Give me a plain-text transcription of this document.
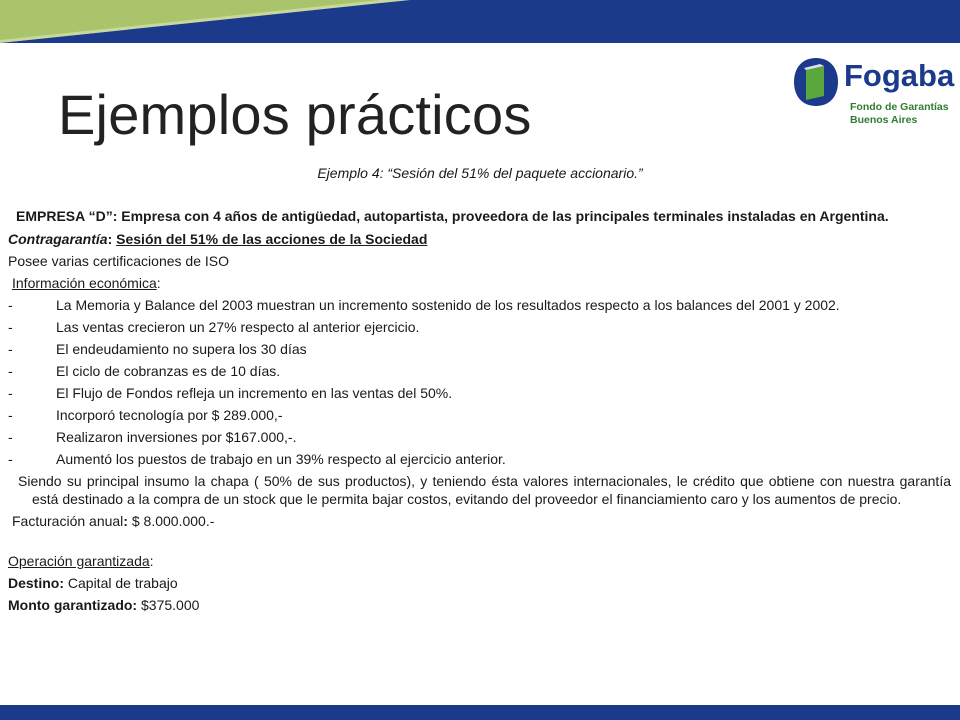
Ejemplos prácticos
Fogaba
Fondo de Garantías
Buenos Aires
Ejemplo 4: “Sesión del 51% del paquete accionario.”

EMPRESA “D”: Empresa con 4 años de antigüedad, autopartista, proveedora de las principales terminales instaladas en Argentina.

Contragarantía: Sesión del 51% de las acciones de la Sociedad
Posee varias certificaciones de ISO
Información económica:
-	La Memoria y Balance del 2003 muestran un incremento sostenido de los resultados respecto a los balances del 2001 y 2002.
-	Las ventas crecieron un 27% respecto al anterior ejercicio.
-	El endeudamiento no supera los 30 días
-	El ciclo de cobranzas es de 10 días.
-	El Flujo de Fondos refleja un incremento en las ventas del 50%.
-	Incorporó tecnología por $ 289.000,-
-	Realizaron inversiones por $167.000,-.
-	Aumentó los puestos de trabajo en un 39% respecto al ejercicio anterior.

Siendo su principal insumo la chapa ( 50% de sus productos), y teniendo ésta valores internacionales, le crédito que obtiene con nuestra garantía está destinado a la compra de un stock que le permita bajar costos, evitando del proveedor el financiamiento caro y los aumentos de precio.

Facturación anual: $ 8.000.000.-
Operación garantizada:
Destino: Capital de trabajo
Monto garantizado: $375.000
